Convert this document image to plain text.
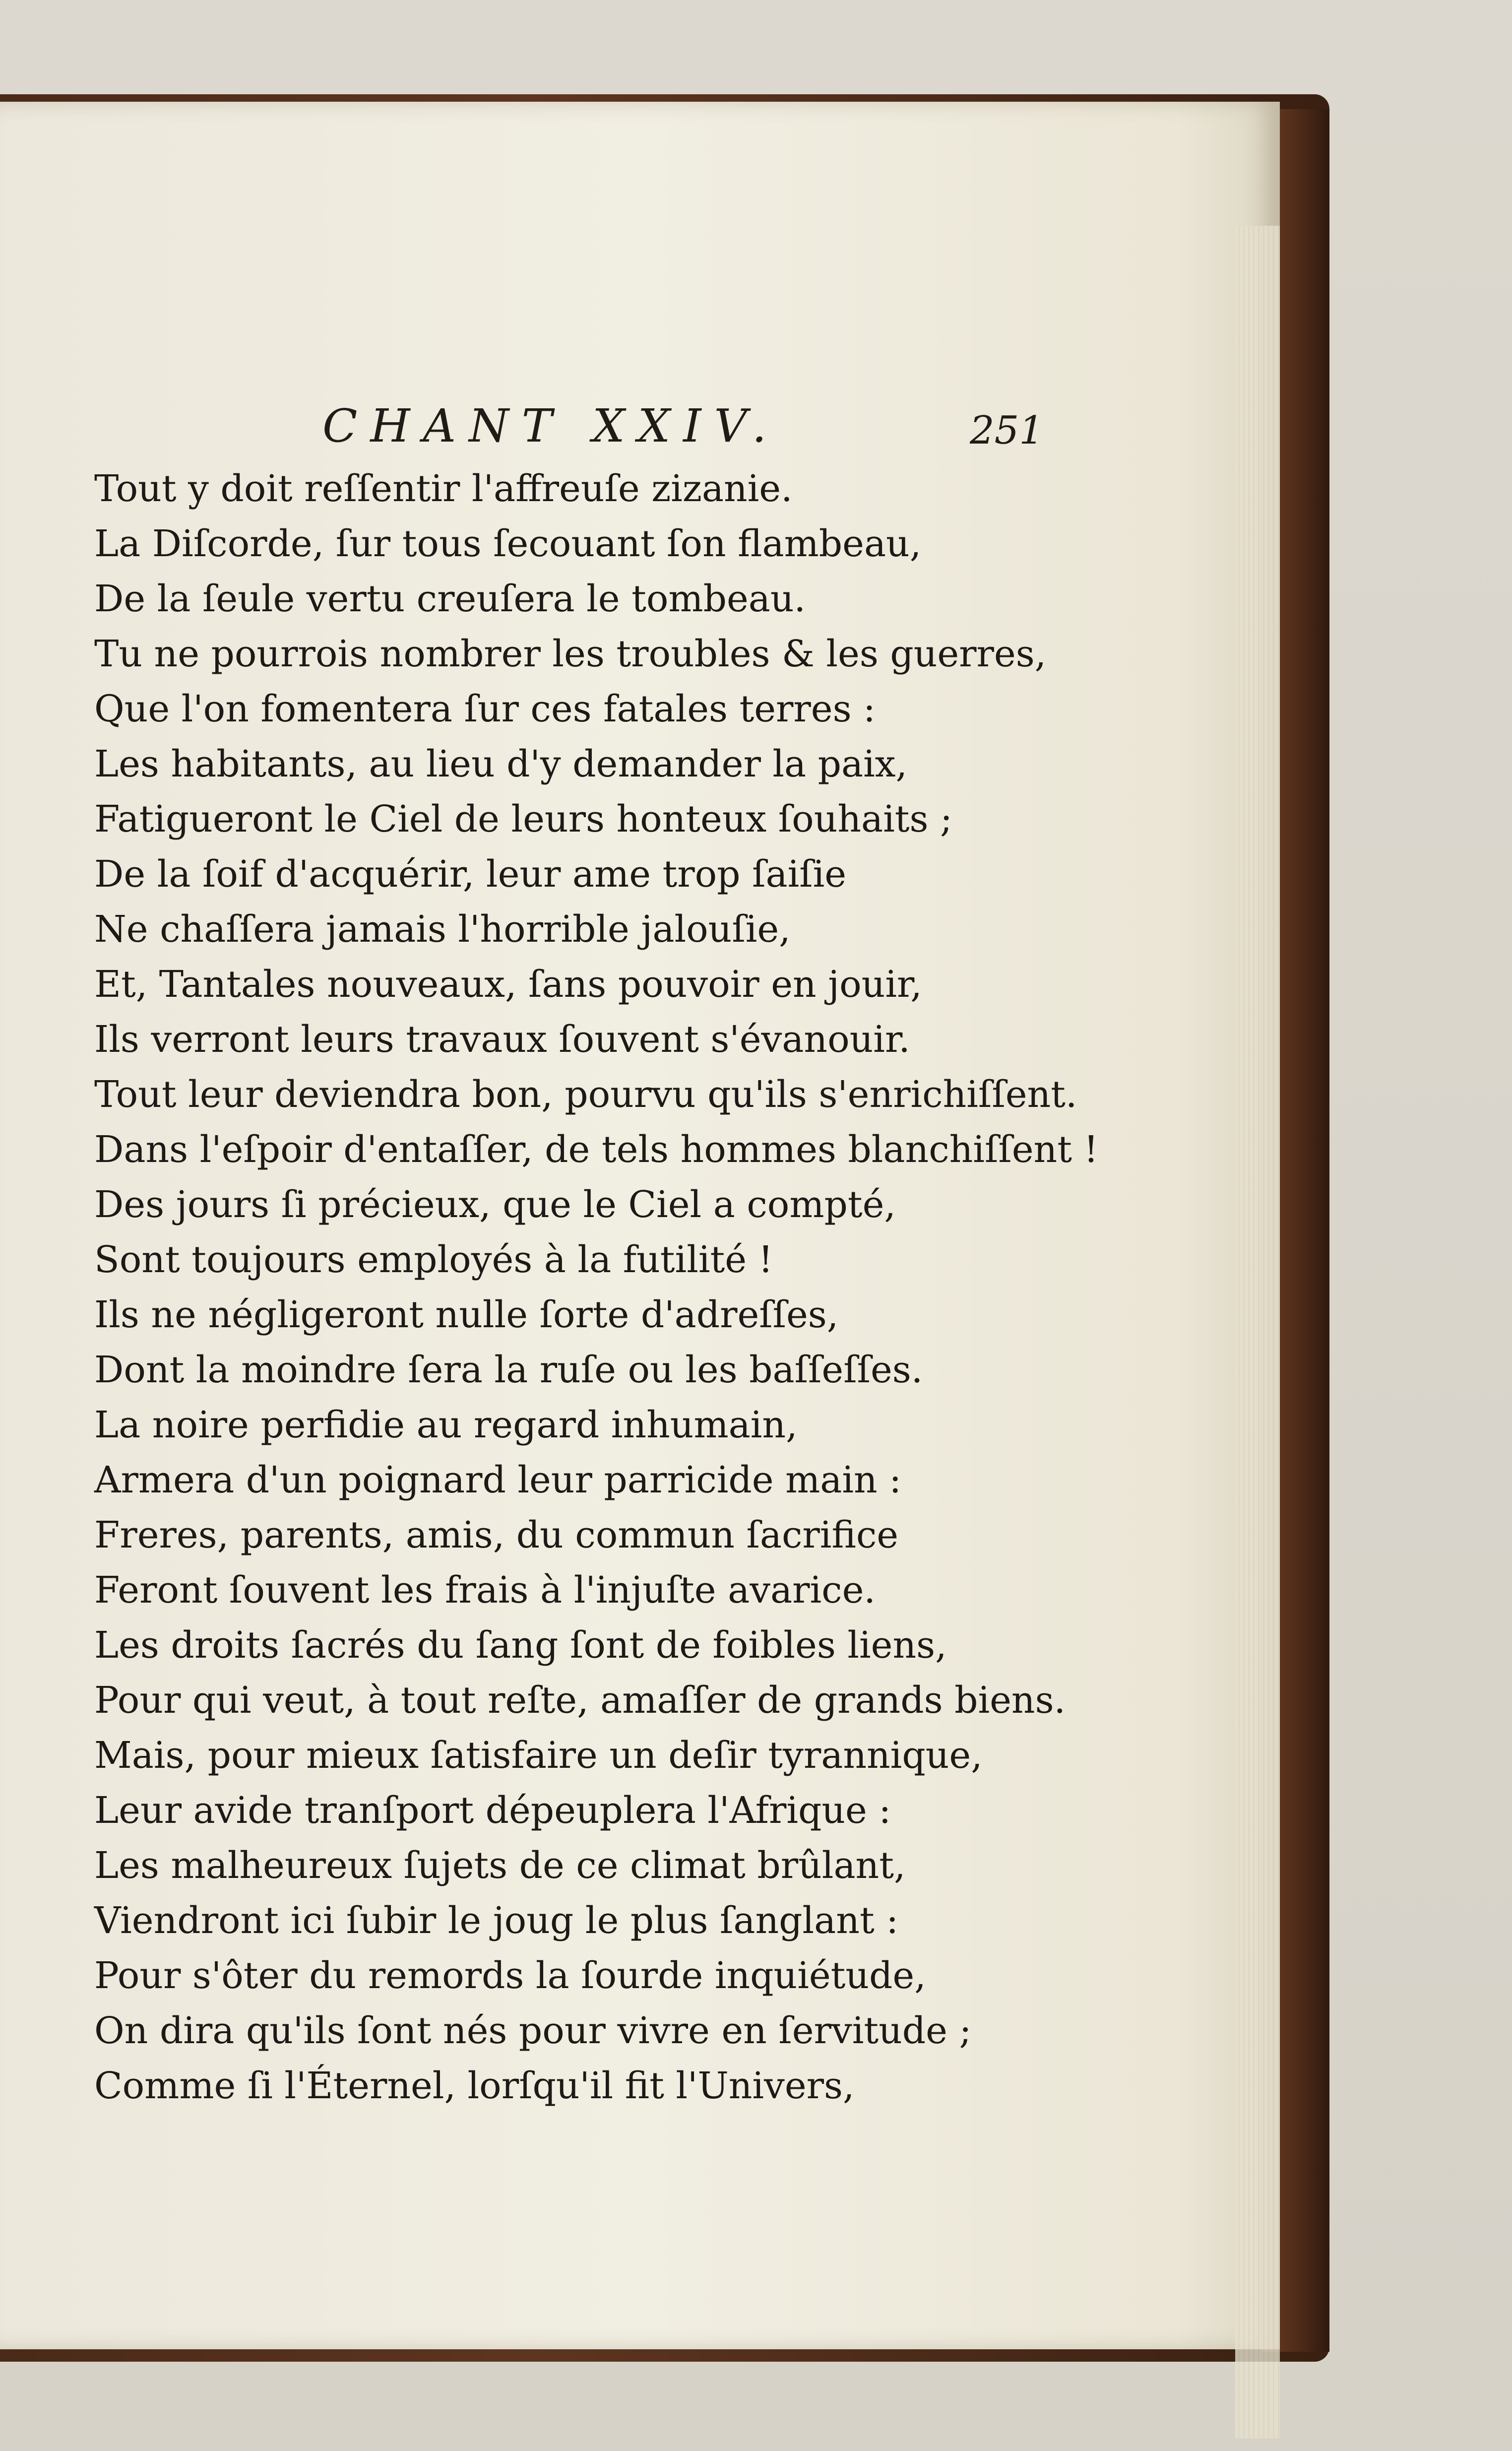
CHANT XXIV.	251
Tout y doit reſſentir l'affreuſe zizanie.
La Diſcorde, ſur tous ſecouant ſon flambeau,
De la ſeule vertu creuſera le tombeau.
Tu ne pourrois nombrer les troubles & les guerres,
Que l'on fomentera ſur ces fatales terres :
Les habitants, au lieu d'y demander la paix,
Fatigueront le Ciel de leurs honteux ſouhaits ;
De la ſoif d'acquérir, leur ame trop ſaiſie
Ne chaſſera jamais l'horrible jalouſie,
Et, Tantales nouveaux, ſans pouvoir en jouir,
Ils verront leurs travaux ſouvent s'évanouir.
Tout leur deviendra bon, pourvu qu'ils s'enrichiſſent.
Dans l'eſpoir d'entaſſer, de tels hommes blanchiſſent !
Des jours ſi précieux, que le Ciel a compté,
Sont toujours employés à la futilité !
Ils ne négligeront nulle ſorte d'adreſſes,
Dont la moindre ſera la ruſe ou les baſſeſſes.
La noire perfidie au regard inhumain,
Armera d'un poignard leur parricide main :
Freres, parents, amis, du commun ſacrifice
Feront ſouvent les frais à l'injuſte avarice.
Les droits ſacrés du ſang ſont de foibles liens,
Pour qui veut, à tout reſte, amaſſer de grands biens.
Mais, pour mieux ſatisfaire un deſir tyrannique,
Leur avide tranſport dépeuplera l'Afrique :
Les malheureux ſujets de ce climat brûlant,
Viendront ici ſubir le joug le plus ſanglant :
Pour s'ôter du remords la ſourde inquiétude,
On dira qu'ils ſont nés pour vivre en ſervitude ;
Comme ſi l'Éternel, lorſqu'il fit l'Univers,
